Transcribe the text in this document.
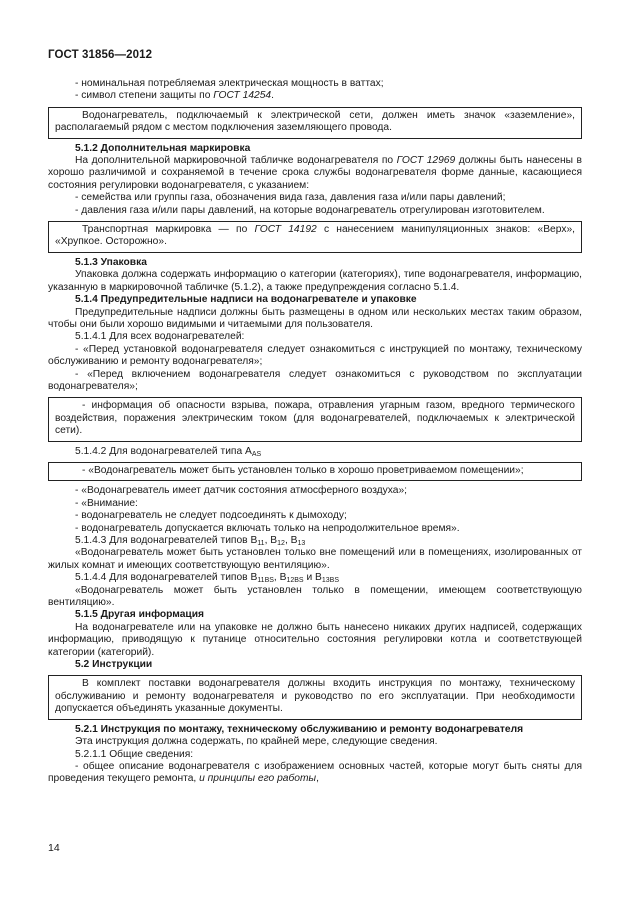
ГОСТ 31856—2012

- номинальная потребляемая электрическая мощность в ваттах;

- символ степени защиты по ГОСТ 14254.

Водонагреватель, подключаемый к электрической сети, должен иметь значок «заземление», располагаемый рядом с местом подключения заземляющего провода.

5.1.2 Дополнительная маркировка

На дополнительной маркировочной табличке водонагревателя по ГОСТ 12969 должны быть нанесены в хорошо различимой и сохраняемой в течение срока службы водонагревателя форме данные, касающиеся состояния регулировки водонагревателя, с указанием:

- семейства или группы газа, обозначения вида газа, давления газа и/или пары давлений;

- давления газа и/или пары давлений, на которые водонагреватель отрегулирован изготовителем.

Транспортная маркировка — по ГОСТ 14192 с нанесением манипуляционных знаков: «Верх», «Хрупкое. Осторожно».

5.1.3 Упаковка

Упаковка должна содержать информацию о категории (категориях), типе водонагревателя, информацию, указанную в маркировочной табличке (5.1.2), а также предупреждения согласно 5.1.4.

5.1.4 Предупредительные надписи на водонагревателе и упаковке

Предупредительные надписи должны быть размещены в одном или нескольких местах таким образом, чтобы они были хорошо видимыми и читаемыми для пользователя.

5.1.4.1 Для всех водонагревателей:

- «Перед установкой водонагревателя следует ознакомиться с инструкцией по монтажу, техническому обслуживанию и ремонту водонагревателя»;

- «Перед включением водонагревателя следует ознакомиться с руководством по эксплуатации водонагревателя»;

- информация об опасности взрыва, пожара, отравления угарным газом, вредного термического воздействия, поражения электрическим током (для водонагревателей, подключаемых к электрической сети).

5.1.4.2 Для водонагревателей типа $A_{AS}$

- «Водонагреватель может быть установлен только в хорошо проветриваемом помещении»;

- «Водонагреватель имеет датчик состояния атмосферного воздуха»;

- «Внимание:

- водонагреватель не следует подсоединять к дымоходу;

- водонагреватель допускается включать только на непродолжительное время».

5.1.4.3 Для водонагревателей типов $B_{11}$, $B_{12}$, $B_{13}$

«Водонагреватель может быть установлен только вне помещений или в помещениях, изолированных от жилых комнат и имеющих соответствующую вентиляцию».

5.1.4.4 Для водонагревателей типов $B_{11BS}$, $B_{12BS}$ и $B_{13BS}$

«Водонагреватель может быть установлен только в помещении, имеющем соответствующую вентиляцию».

5.1.5 Другая информация

На водонагревателе или на упаковке не должно быть нанесено никаких других надписей, содержащих информацию, приводящую к путанице относительно состояния регулировки котла и соответствующей категории (категорий).

5.2 Инструкции

В комплект поставки водонагревателя должны входить инструкция по монтажу, техническому обслуживанию и ремонту водонагревателя и руководство по его эксплуатации. При необходимости допускается объединять указанные документы.

5.2.1 Инструкция по монтажу, техническому обслуживанию и ремонту водонагревателя

Эта инструкция должна содержать, по крайней мере, следующие сведения.

5.2.1.1 Общие сведения:

- общее описание водонагревателя с изображением основных частей, которые могут быть сняты для проведения текущего ремонта, и принципы его работы,

14
